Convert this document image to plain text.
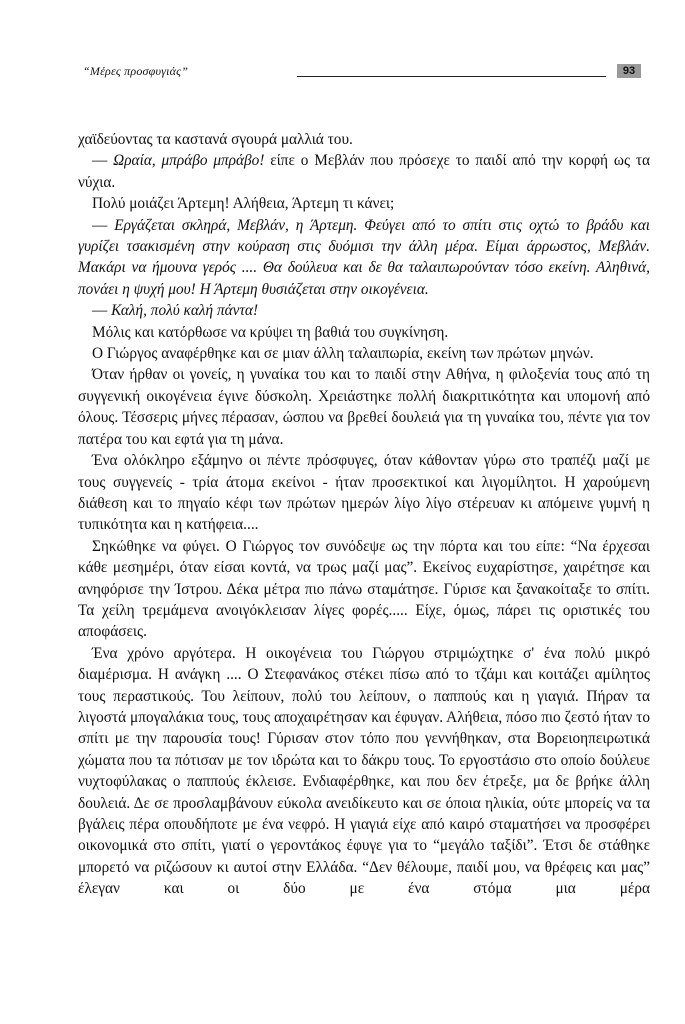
“Μέρες προσφυγιάς”	93

χαϊδεύοντας τα καστανά σγουρά μαλλιά του.

— Ωραία, μπράβο μπράβο! είπε ο Μεβλάν που πρόσεχε το παιδί από την κορφή ως τα νύχια.

Πολύ μοιάζει Άρτεμη! Αλήθεια, Άρτεμη τι κάνει;

— Εργάζεται σκληρά, Μεβλάν, η Άρτεμη. Φεύγει από το σπίτι στις οχτώ το βράδυ και γυρίζει τσακισμένη στην κούραση στις δυόμισι την άλλη μέρα. Είμαι άρρωστος, Μεβλάν. Μακάρι να ήμουνα γερός .... Θα δούλευα και δε θα ταλαιπωρούνταν τόσο εκείνη. Αληθινά, πονάει η ψυχή μου! Η Άρτεμη θυσιάζεται στην οικογένεια.

— Καλή, πολύ καλή πάντα!

Μόλις και κατόρθωσε να κρύψει τη βαθιά του συγκίνηση.

Ο Γιώργος αναφέρθηκε και σε μιαν άλλη ταλαιπωρία, εκείνη των πρώτων μηνών.

Όταν ήρθαν οι γονείς, η γυναίκα του και το παιδί στην Αθήνα, η φιλοξενία τους από τη συγγενική οικογένεια έγινε δύσκολη. Χρειάστηκε πολλή διακριτικότητα και υπομονή από όλους. Τέσσερις μήνες πέρασαν, ώσπου να βρεθεί δουλειά για τη γυναίκα του, πέντε για τον πατέρα του και εφτά για τη μάνα.

Ένα ολόκληρο εξάμηνο οι πέντε πρόσφυγες, όταν κάθονταν γύρω στο τραπέζι μαζί με τους συγγενείς - τρία άτομα εκείνοι - ήταν προσεκτικοί και λιγομίλητοι. Η χαρούμενη διάθεση και το πηγαίο κέφι των πρώτων ημερών λίγο λίγο στέρευαν κι απόμεινε γυμνή η τυπικότητα και η κατήφεια....

Σηκώθηκε να φύγει. Ο Γιώργος τον συνόδεψε ως την πόρτα και του είπε: “Να έρχεσαι κάθε μεσημέρι, όταν είσαι κοντά, να τρως μαζί μας”. Εκείνος ευχαρίστησε, χαιρέτησε και ανηφόρισε την Ίστρου. Δέκα μέτρα πιο πάνω σταμάτησε. Γύρισε και ξανακοίταξε το σπίτι. Τα χείλη τρεμάμενα ανοιγόκλεισαν λίγες φορές..... Είχε, όμως, πάρει τις οριστικές του αποφάσεις.

Ένα χρόνο αργότερα. Η οικογένεια του Γιώργου στριμώχτηκε σ' ένα πολύ μικρό διαμέρισμα. Η ανάγκη .... Ο Στεφανάκος στέκει πίσω από το τζάμι και κοιτάζει αμίλητος τους περαστικούς. Του λείπουν, πολύ του λείπουν, ο παππούς και η γιαγιά. Πήραν τα λιγοστά μπογαλάκια τους, τους αποχαιρέτησαν και έφυγαν. Αλήθεια, πόσο πιο ζεστό ήταν το σπίτι με την παρουσία τους! Γύρισαν στον τόπο που γεννήθηκαν, στα Βορειοηπειρωτικά χώματα που τα πότισαν με τον ιδρώτα και το δάκρυ τους. Το εργοστάσιο στο οποίο δούλευε νυχτοφύλακας ο παππούς έκλεισε. Ενδιαφέρθηκε, και που δεν έτρεξε, μα δε βρήκε άλλη δουλειά. Δε σε προσλαμβάνουν εύκολα ανειδίκευτο και σε όποια ηλικία, ούτε μπορείς να τα βγάλεις πέρα οπουδήποτε με ένα νεφρό. Η γιαγιά είχε από καιρό σταματήσει να προσφέρει οικονομικά στο σπίτι, γιατί ο γεροντάκος έφυγε για το “μεγάλο ταξίδι”. Έτσι δε στάθηκε μπορετό να ριζώσουν κι αυτοί στην Ελλάδα. “Δεν θέλουμε, παιδί μου, να θρέφεις και μας” έλεγαν και οι δύο με ένα στόμα μια μέρα
